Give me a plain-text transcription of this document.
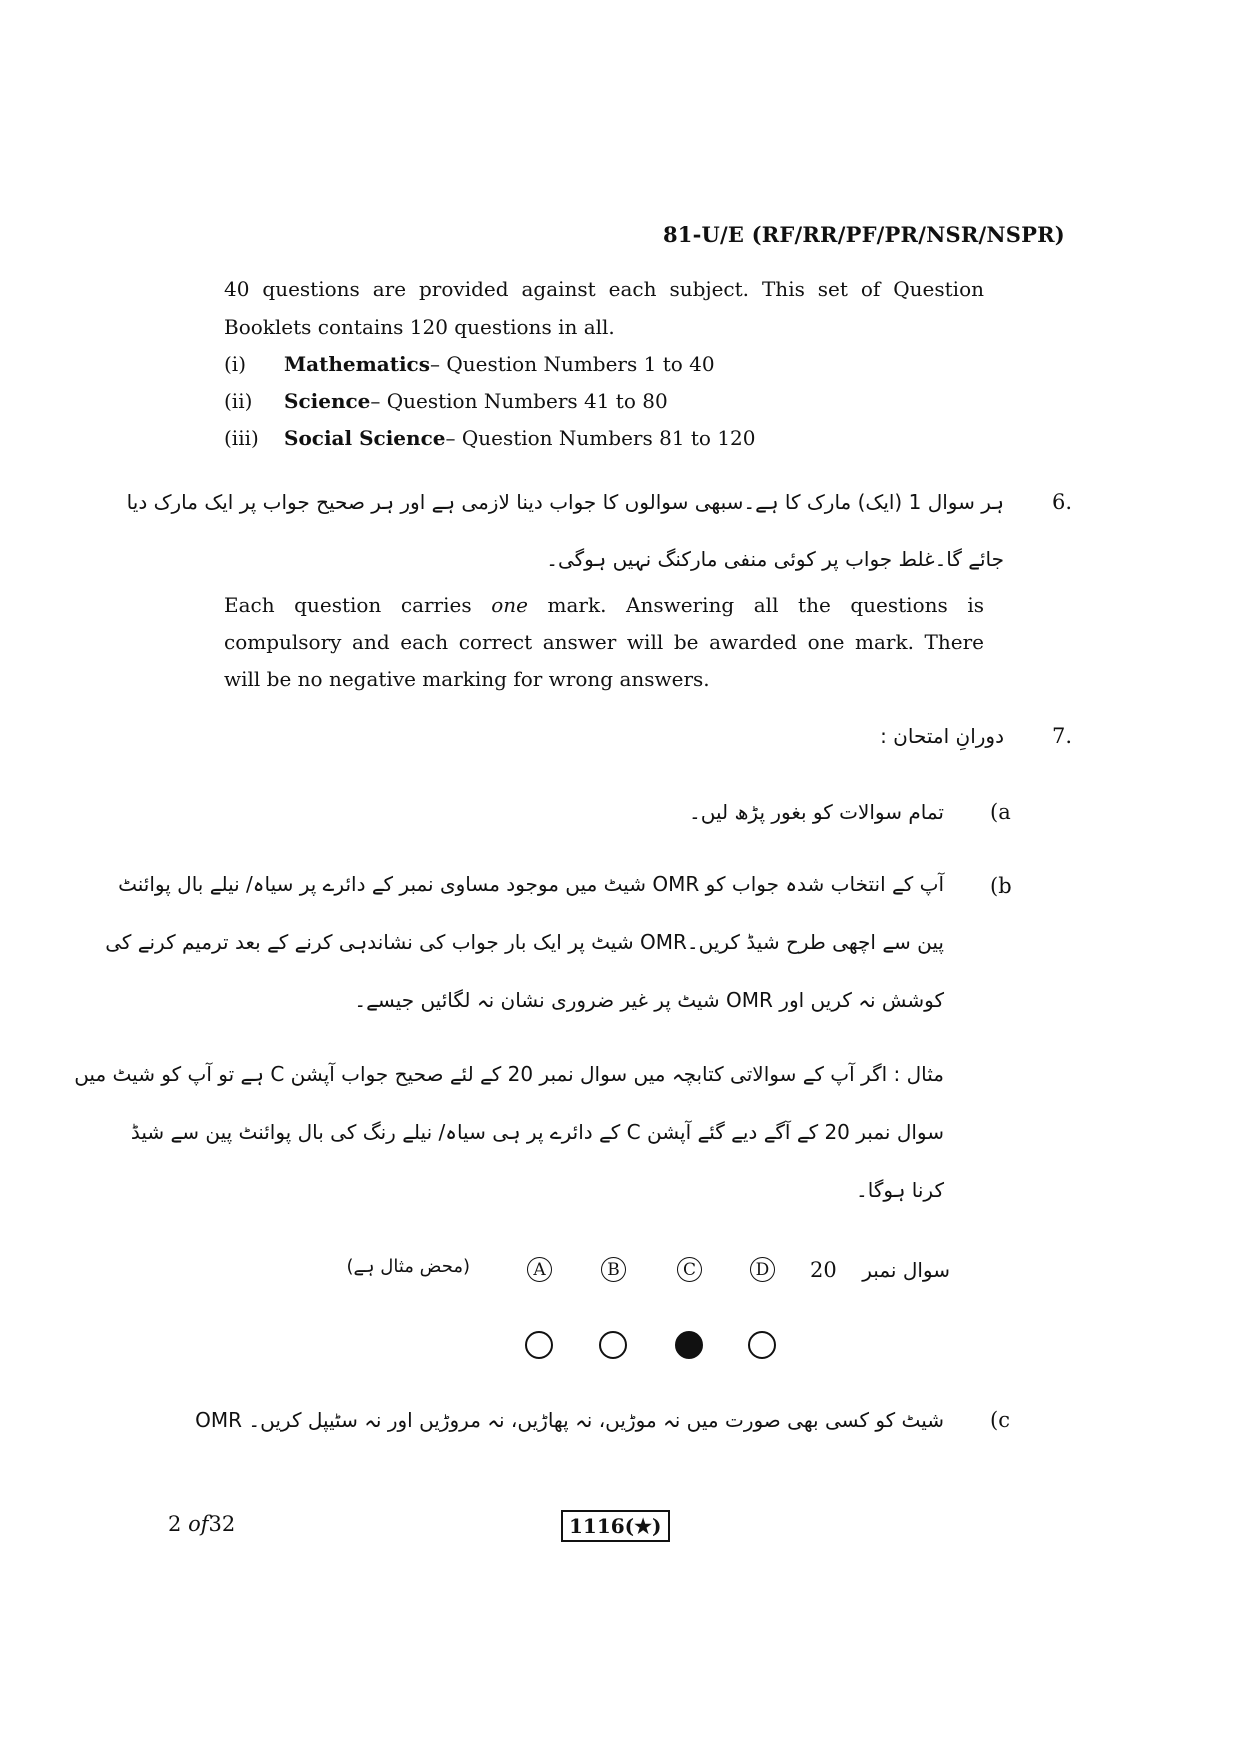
81-U/E (RF/RR/PF/PR/NSR/NSPR)
40 questions are provided against each subject. This set of Question
Booklets contains 120 questions in all.
(i)	Mathematics – Question Numbers 1 to 40
(ii)	Science – Question Numbers 41 to 80
(iii)	Social Science – Question Numbers 81 to 120
6.
ہر سوال 1 (ایک) مارک کا ہے۔سبھی سوالوں کا جواب دینا لازمی ہے اور ہر صحیح جواب پر ایک مارک دیا
جائے گا۔غلط جواب پر کوئی منفی مارکنگ نہیں ہوگی۔
Each question carries one mark. Answering all the questions is
compulsory and each correct answer will be awarded one mark. There
will be no negative marking for wrong answers.
7.
دورانِ امتحان :
(a
تمام سوالات کو بغور پڑھ لیں۔
(b
آپ کے انتخاب شدہ جواب کو OMR شیٹ میں موجود مساوی نمبر کے دائرے پر سیاہ/ نیلے بال پوائنٹ
پین سے اچھی طرح شیڈ کریں۔OMR شیٹ پر ایک بار جواب کی نشاندہی کرنے کے بعد ترمیم کرنے کی
کوشش نہ کریں اور OMR شیٹ پر غیر ضروری نشان نہ لگائیں جیسے۔
مثال : اگر آپ کے سوالاتی کتابچہ میں سوال نمبر 20 کے لئے صحیح جواب آپشن C ہے تو آپ کو شیٹ میں
سوال نمبر 20 کے آگے دیے گئے آپشن C کے دائرے پر ہی سیاہ/ نیلے رنگ کی بال پوائنٹ پین سے شیڈ
کرنا ہوگا۔
سوال نمبر
20
A	B	C	D
(محض مثال ہے)
(c
OMR شیٹ کو کسی بھی صورت میں نہ موڑیں، نہ پھاڑیں، نہ مروڑیں اور نہ سٹیپل کریں۔
2 of32	1116(★)
